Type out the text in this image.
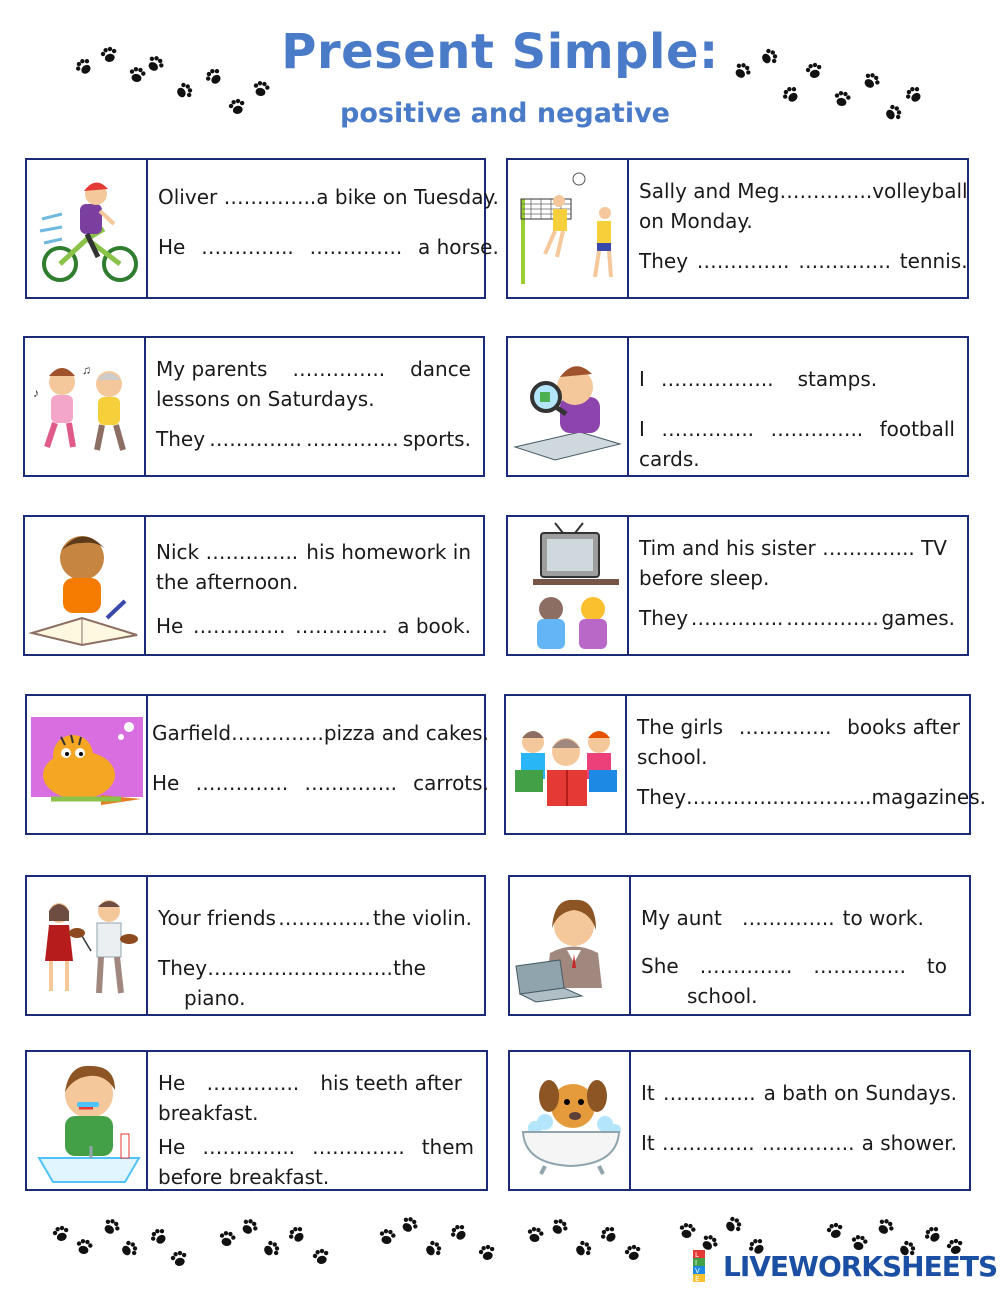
Present Simple:
positive and negative
Oliver ………….. a bike on Tuesday.
He ………….. ………….. a horse.
Sally and Meg ………….. volleyball
on Monday.
They ………….. ………….. tennis.
♪
♫	My parents ………….. dance
lessons on Saturdays.
They ………….. ………….. sports.
I …………….. stamps.
I ………….. ………….. football
cards.
Nick ………….. his homework in
the afternoon.
He ………….. ………….. a book.
Tim and his sister ………….. TV
before sleep.
They ………….. ………….. games.
Garfield ………….. pizza and cakes.
He ………….. ………….. carrots.
The girls ………….. books after
school.
They ………….. ………….. magazines.
Your friends ………….. the violin.
They ………….. ………….. the
piano.
My aunt ………….. to work.
She ………….. ………….. to
school.
He ………….. his teeth after
breakfast.
He ………….. ………….. them
before breakfast.
It ………….. a bath on Sundays.
It ………….. ………….. a shower.
L
I
V
E LIVEWORKSHEETS
